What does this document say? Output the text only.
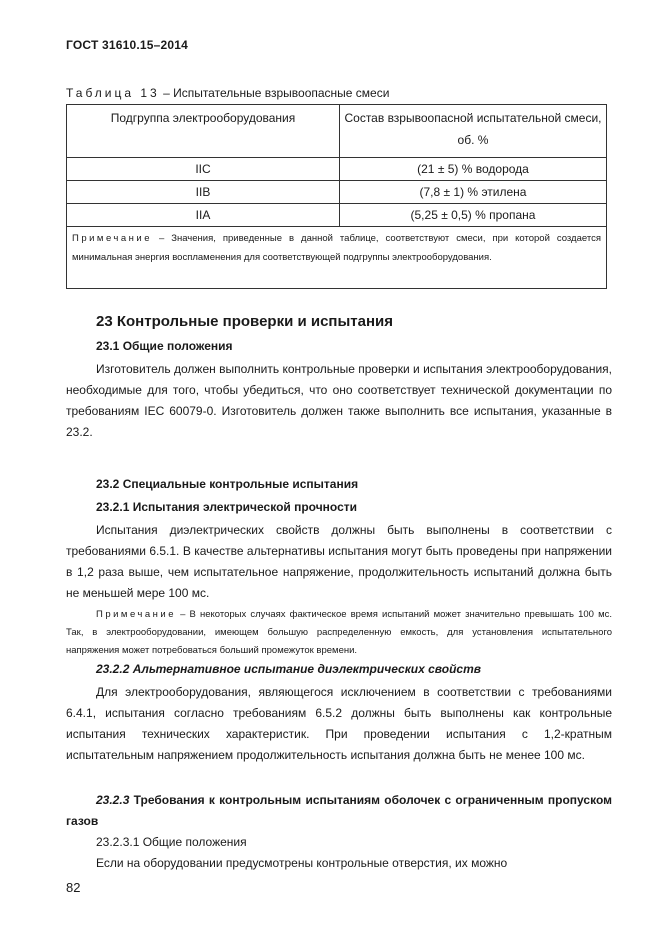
ГОСТ 31610.15–2014
Таблица 13 – Испытательные взрывоопасные смеси
Подгруппа электрооборудования	Состав взрывоопасной испытательной смеси, об. %
IIC	(21 ± 5) % водорода
IIB	(7,8 ± 1) % этилена
IIA	(5,25 ± 0,5) % пропана
Примечание – Значения, приведенные в данной таблице, соответствуют смеси, при которой создается минимальная энергия воспламенения для соответствующей подгруппы электрооборудования.	
23 Контрольные проверки и испытания
23.1 Общие положения

Изготовитель должен выполнить контрольные проверки и испытания электрооборудования, необходимые для того, чтобы убедиться, что оно соответствует технической документации по требованиям IEC 60079-0. Изготовитель должен также выполнить все испытания, указанные в 23.2.

23.2 Специальные контрольные испытания
23.2.1 Испытания электрической прочности

Испытания диэлектрических свойств должны быть выполнены в соответствии с требованиями 6.5.1. В качестве альтернативы испытания могут быть проведены при напряжении в 1,2 раза выше, чем испытательное напряжение, продолжительность испытаний должна быть не меньшей мере 100 мс.

Примечание – В некоторых случаях фактическое время испытаний может значительно превышать 100 мс. Так, в электрооборудовании, имеющем большую распределенную емкость, для установления испытательного напряжения может потребоваться больший промежуток времени.

23.2.2 Альтернативное испытание диэлектрических свойств

Для электрооборудования, являющегося исключением в соответствии с требованиями 6.4.1, испытания согласно требованиям 6.5.2 должны быть выполнены как контрольные испытания технических характеристик. При проведении испытания с 1,2-кратным испытательным напряжением продолжительность испытания должна быть не менее 100 мс.

23.2.3 Требования к контрольным испытаниям оболочек с ограниченным пропуском газов

23.2.3.1 Общие положения

Если на оборудовании предусмотрены контрольные отверстия, их можно

82
